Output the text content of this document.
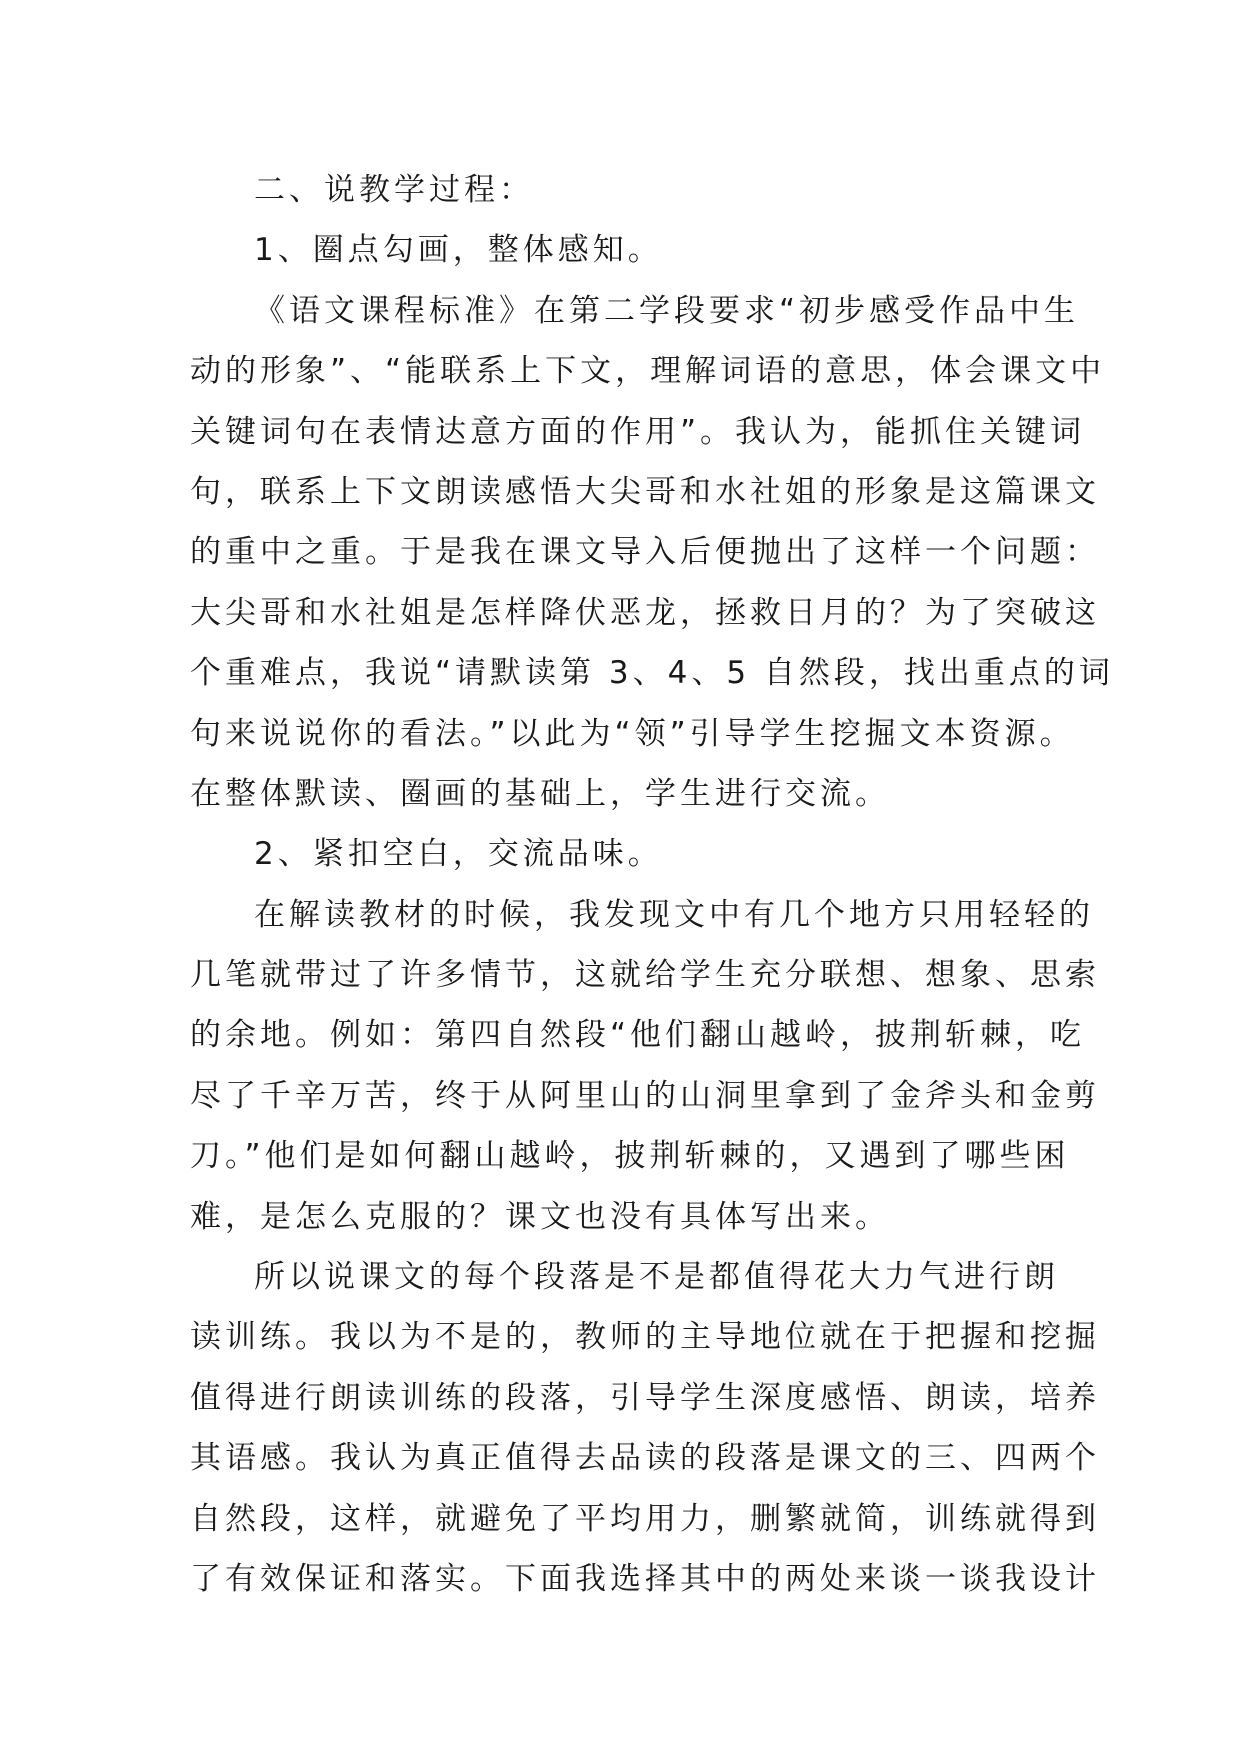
二、说教学过程：
1、圈点勾画，整体感知。
《语文课程标准》在第二学段要求“初步感受作品中生
动的形象”、“能联系上下文，理解词语的意思，体会课文中
关键词句在表情达意方面的作用”。我认为，能抓住关键词
句，联系上下文朗读感悟大尖哥和水社姐的形象是这篇课文
的重中之重。于是我在课文导入后便抛出了这样一个问题：
大尖哥和水社姐是怎样降伏恶龙，拯救日月的？为了突破这
个重难点，我说“请默读第 3、4、5 自然段，找出重点的词
句来说说你的看法。”以此为“领”引导学生挖掘文本资源。
在整体默读、圈画的基础上，学生进行交流。
2、紧扣空白，交流品味。
在解读教材的时候，我发现文中有几个地方只用轻轻的
几笔就带过了许多情节，这就给学生充分联想、想象、思索
的余地。例如：第四自然段“他们翻山越岭，披荆斩棘，吃
尽了千辛万苦，终于从阿里山的山洞里拿到了金斧头和金剪
刀。”他们是如何翻山越岭，披荆斩棘的，又遇到了哪些困
难，是怎么克服的？课文也没有具体写出来。
所以说课文的每个段落是不是都值得花大力气进行朗
读训练。我以为不是的，教师的主导地位就在于把握和挖掘
值得进行朗读训练的段落，引导学生深度感悟、朗读，培养
其语感。我认为真正值得去品读的段落是课文的三、四两个
自然段，这样，就避免了平均用力，删繁就简，训练就得到
了有效保证和落实。下面我选择其中的两处来谈一谈我设计
